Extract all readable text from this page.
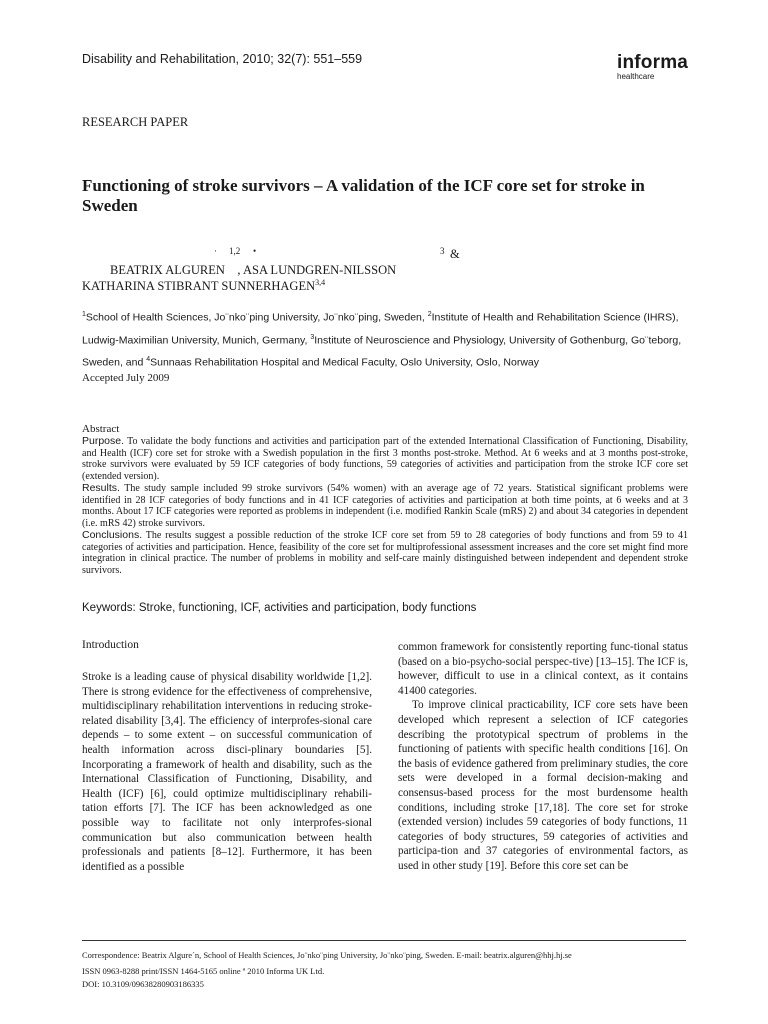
Disability and Rehabilitation, 2010; 32(7): 551–559	informa
healthcare
RESEARCH PAPER
Functioning of stroke survivors – A validation of the ICF core set for stroke in Sweden
· 1,2 •	3 &
BEATRIX ALGUREN    , ASA LUNDGREN-NILSSON
KATHARINA STIBRANT SUNNERHAGEN$^{3,4}$
$^1$School of Health Sciences, Jo¨nko¨ping University, Jo¨nko¨ping, Sweden, $^2$Institute of Health and Rehabilitation Science (IHRS), Ludwig-Maximilian University, Munich, Germany, $^3$Institute of Neuroscience and Physiology, University of Gothenburg, Go¨teborg, Sweden, and $^4$Sunnaas Rehabilitation Hospital and Medical Faculty, Oslo University, Oslo, Norway
Accepted July 2009
Abstract

Purpose. To validate the body functions and activities and participation part of the extended International Classification of Functioning, Disability, and Health (ICF) core set for stroke with a Swedish population in the first 3 months post-stroke. Method. At 6 weeks and at 3 months post-stroke, stroke survivors were evaluated by 59 ICF categories of body functions, 59 categories of activities and participation from the stroke ICF core set (extended version).

Results. The study sample included 99 stroke survivors (54% women) with an average age of 72 years. Statistical significant problems were identified in 28 ICF categories of body functions and in 41 ICF categories of activities and participation at both time points, at 6 weeks and at 3 months. About 17 ICF categories were reported as problems in independent (i.e. modified Rankin Scale (mRS) 2) and about 34 categories in dependent (i.e. mRS 42) stroke survivors.

Conclusions. The results suggest a possible reduction of the stroke ICF core set from 59 to 28 categories of body functions and from 59 to 41 categories of activities and participation. Hence, feasibility of the core set for multiprofessional assessment increases and the core set might find more integration in clinical practice. The number of problems in mobility and self-care mainly distinguished between independent and dependent stroke survivors.

Keywords: Stroke, functioning, ICF, activities and participation, body functions
Introduction

Stroke is a leading cause of physical disability worldwide [1,2]. There is strong evidence for the effectiveness of comprehensive, multidisciplinary rehabilitation interventions in reducing stroke-related disability [3,4]. The efficiency of interprofes-sional care depends – to some extent – on successful communication of health information across disci-plinary boundaries [5]. Incorporating a framework of health and disability, such as the International Classification of Functioning, Disability, and Health (ICF) [6], could optimize multidisciplinary rehabili-tation efforts [7]. The ICF has been acknowledged as one possible way to facilitate not only interprofes-sional communication but also communication between health professionals and patients [8–12]. Furthermore, it has been identified as a possible

common framework for consistently reporting func-tional status (based on a bio-psycho-social perspec-tive) [13–15]. The ICF is, however, difficult to use in a clinical context, as it contains 41400 categories.

To improve clinical practicability, ICF core sets have been developed which represent a selection of ICF categories describing the prototypical spectrum of problems in the functioning of patients with specific health conditions [16]. On the basis of evidence gathered from preliminary studies, the core sets were developed in a formal decision-making and consensus-based process for the most burdensome health conditions, including stroke [17,18]. The core set for stroke (extended version) includes 59 categories of body functions, 11 categories of body structures, 59 categories of activities and participa-tion and 37 categories of environmental factors, as used in other study [19]. Before this core set can be

Correspondence: Beatrix Algure´n, School of Health Sciences, Jo¨nko¨ping University, Jo¨nko¨ping, Sweden. E-mail: beatrix.alguren@hhj.hj.se
ISSN 0963-8288 print/ISSN 1464-5165 online ª 2010 Informa UK Ltd.
DOI: 10.3109/09638280903186335
